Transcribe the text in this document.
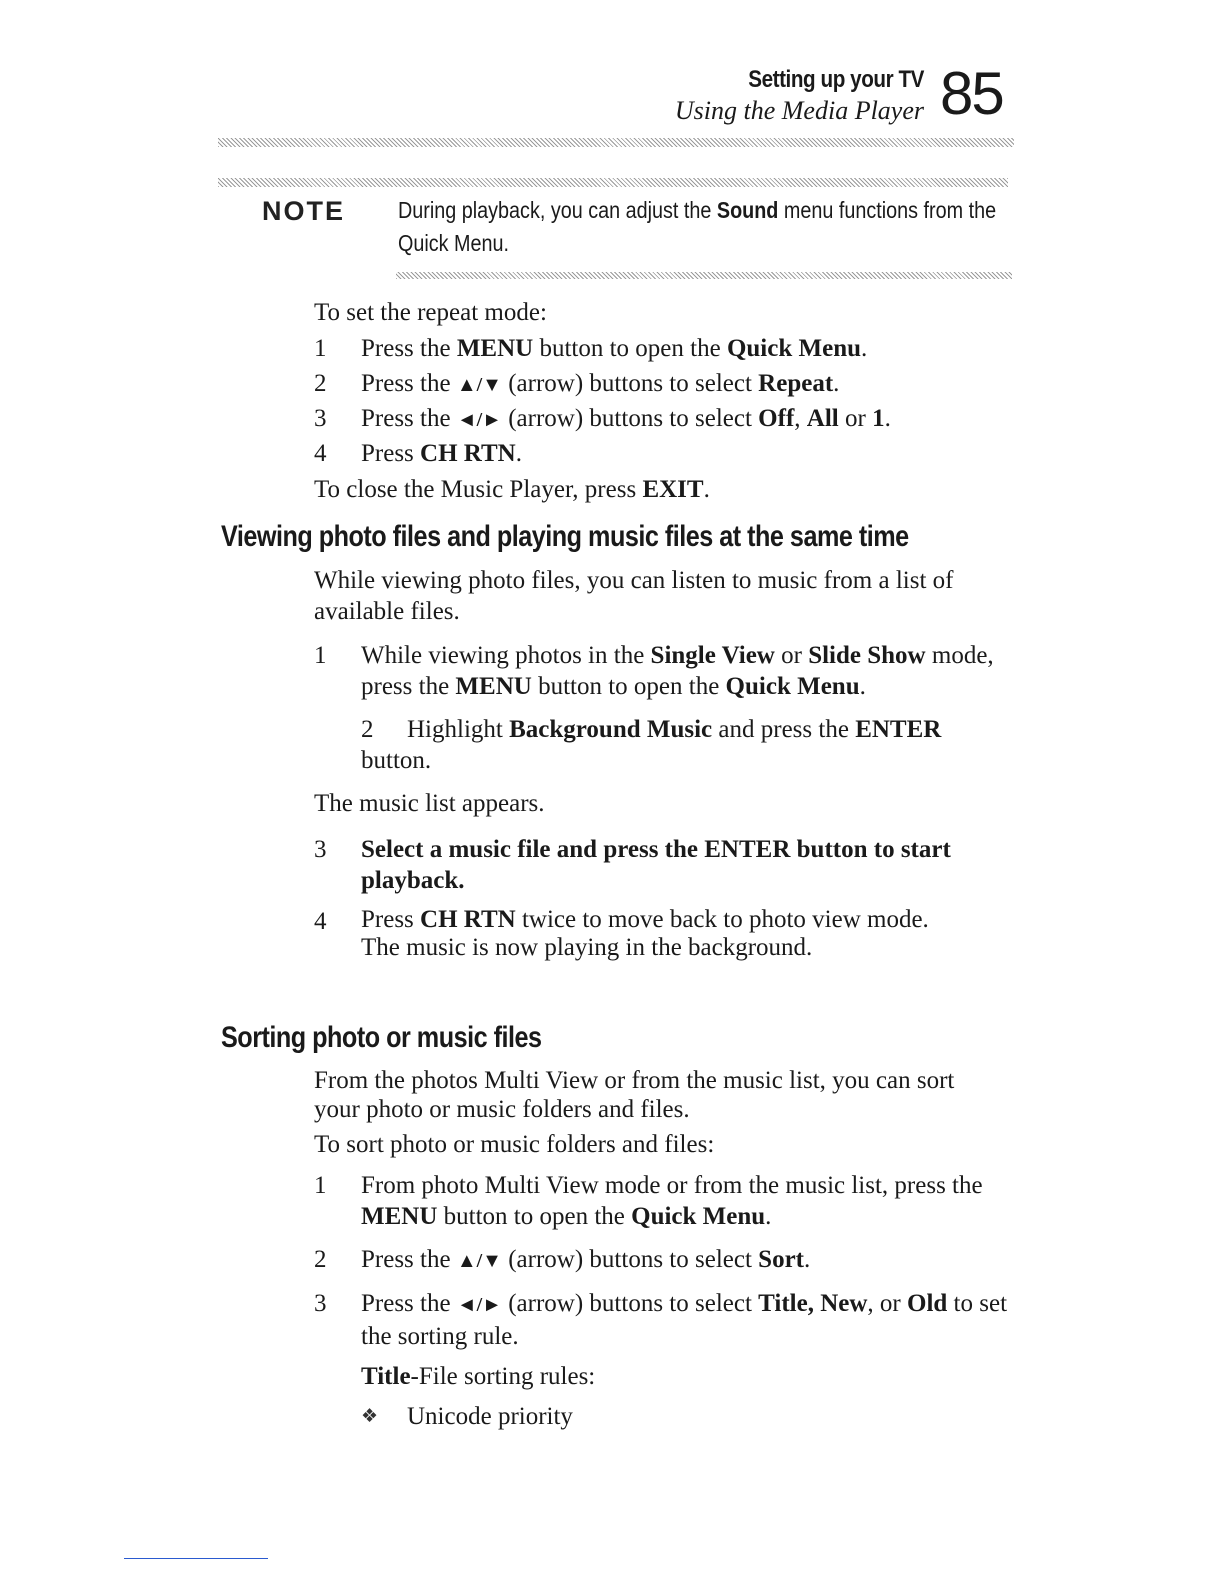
Setting up your TV
Using the Media Player 85
NOTE During playback, you can adjust the Sound menu functions from the Quick Menu.
To set the repeat mode:
1 Press the MENU button to open the Quick Menu.
2 Press the ▲/▼ (arrow) buttons to select Repeat.
3 Press the ◄/► (arrow) buttons to select Off, All or 1.
4 Press CH RTN.
To close the Music Player, press EXIT.
Viewing photo files and playing music files at the same time
While viewing photo files, you can listen to music from a list of available files.
1 While viewing photos in the Single View or Slide Show mode, press the MENU button to open the Quick Menu.
2 Highlight Background Music and press the ENTER button.
The music list appears.
3 Select a music file and press the ENTER button to start playback.
4 Press CH RTN twice to move back to photo view mode.
The music is now playing in the background.
Sorting photo or music files
From the photos Multi View or from the music list, you can sort your photo or music folders and files.
To sort photo or music folders and files:
1 From photo Multi View mode or from the music list, press the MENU button to open the Quick Menu.
2 Press the ▲/▼ (arrow) buttons to select Sort.
3 Press the ◄/► (arrow) buttons to select Title, New, or Old to set the sorting rule.
Title-File sorting rules:
❖ Unicode priority
